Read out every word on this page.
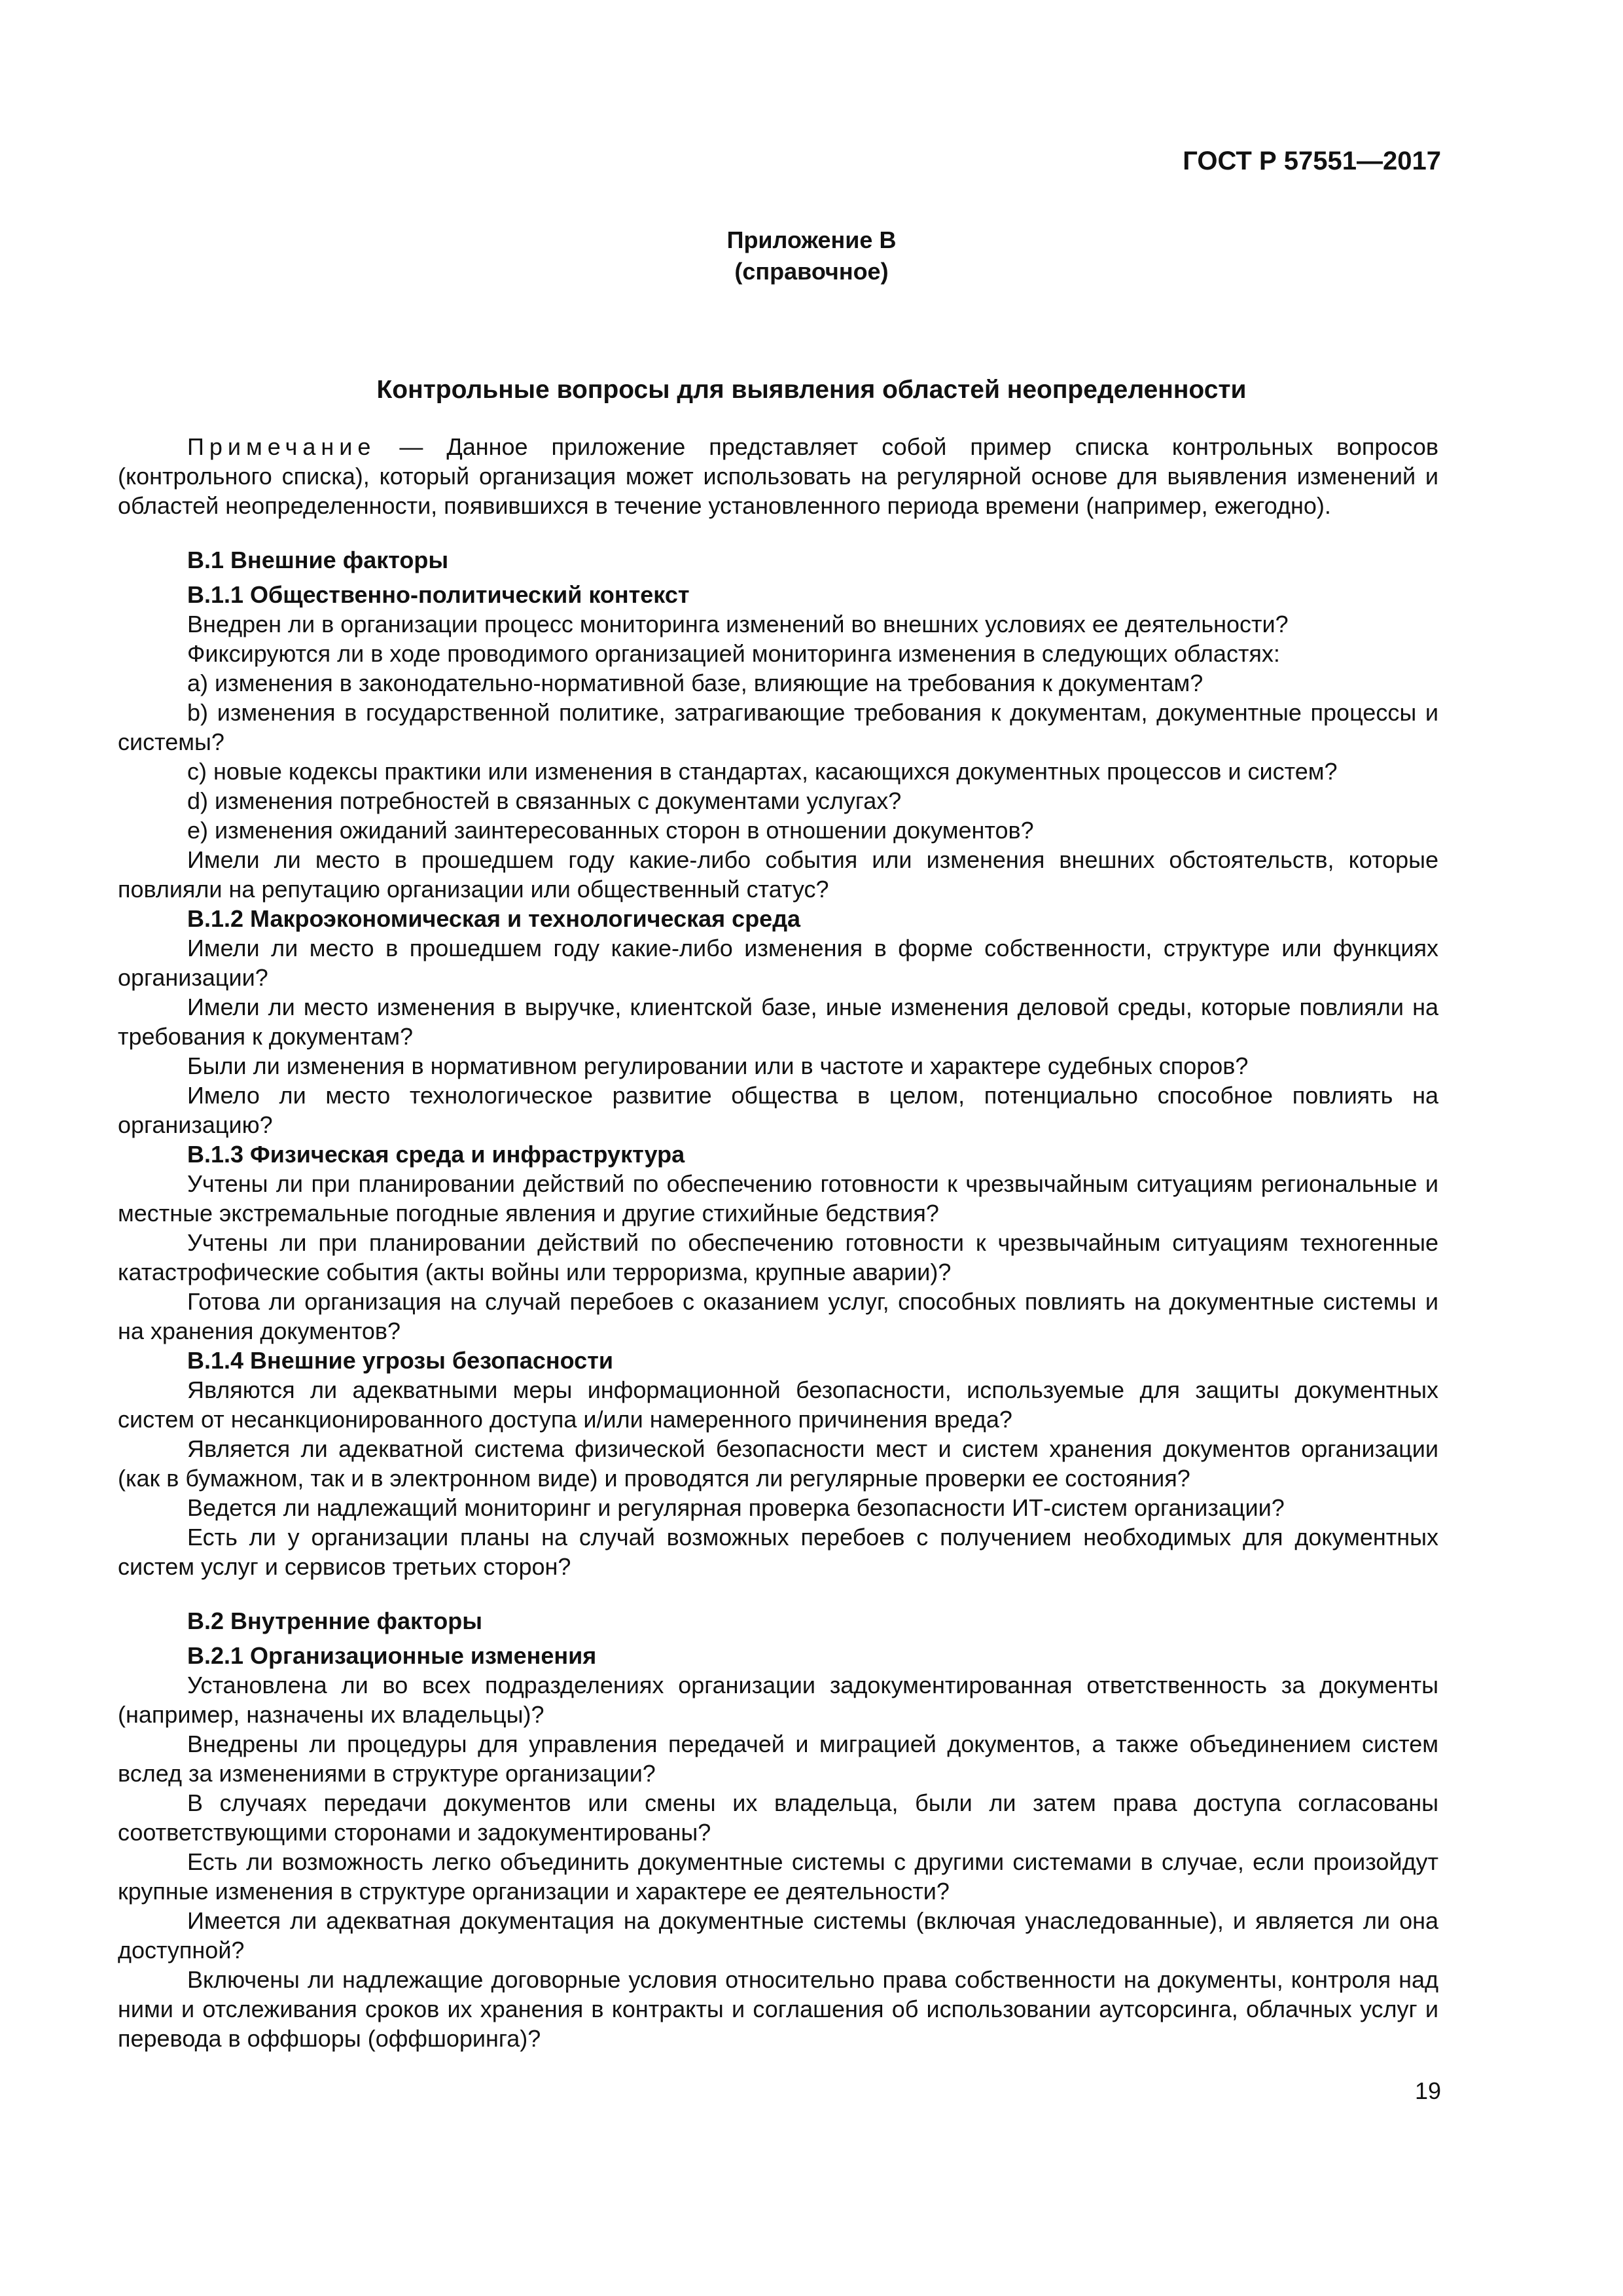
ГОСТ Р 57551—2017
Приложение В
(справочное)
Контрольные вопросы для выявления областей неопределенности

Примечание — Данное приложение представляет собой пример списка контрольных вопросов (контрольного списка), который организация может использовать на регулярной основе для выявления изменений и областей неопределенности, появившихся в течение установленного периода времени (например, ежегодно).

В.1 Внешние факторы

В.1.1 Общественно-политический контекст

Внедрен ли в организации процесс мониторинга изменений во внешних условиях ее деятельности?

Фиксируются ли в ходе проводимого организацией мониторинга изменения в следующих областях:

a) изменения в законодательно-нормативной базе, влияющие на требования к документам?

b) изменения в государственной политике, затрагивающие требования к документам, документные процессы и системы?

c) новые кодексы практики или изменения в стандартах, касающихся документных процессов и систем?

d) изменения потребностей в связанных с документами услугах?

e) изменения ожиданий заинтересованных сторон в отношении документов?

Имели ли место в прошедшем году какие-либо события или изменения внешних обстоятельств, которые повлияли на репутацию организации или общественный статус?

В.1.2 Макроэкономическая и технологическая среда

Имели ли место в прошедшем году какие-либо изменения в форме собственности, структуре или функциях организации?

Имели ли место изменения в выручке, клиентской базе, иные изменения деловой среды, которые повлияли на требования к документам?

Были ли изменения в нормативном регулировании или в частоте и характере судебных споров?

Имело ли место технологическое развитие общества в целом, потенциально способное повлиять на организацию?

В.1.3 Физическая среда и инфраструктура

Учтены ли при планировании действий по обеспечению готовности к чрезвычайным ситуациям региональные и местные экстремальные погодные явления и другие стихийные бедствия?

Учтены ли при планировании действий по обеспечению готовности к чрезвычайным ситуациям техногенные катастрофические события (акты войны или терроризма, крупные аварии)?

Готова ли организация на случай перебоев с оказанием услуг, способных повлиять на документные системы и на хранения документов?

В.1.4 Внешние угрозы безопасности

Являются ли адекватными меры информационной безопасности, используемые для защиты документных систем от несанкционированного доступа и/или намеренного причинения вреда?

Является ли адекватной система физической безопасности мест и систем хранения документов организации (как в бумажном, так и в электронном виде) и проводятся ли регулярные проверки ее состояния?

Ведется ли надлежащий мониторинг и регулярная проверка безопасности ИТ-систем организации?

Есть ли у организации планы на случай возможных перебоев с получением необходимых для документных систем услуг и сервисов третьих сторон?

В.2 Внутренние факторы

В.2.1 Организационные изменения

Установлена ли во всех подразделениях организации задокументированная ответственность за документы (например, назначены их владельцы)?

Внедрены ли процедуры для управления передачей и миграцией документов, а также объединением систем вслед за изменениями в структуре организации?

В случаях передачи документов или смены их владельца, были ли затем права доступа согласованы соответствующими сторонами и задокументированы?

Есть ли возможность легко объединить документные системы с другими системами в случае, если произойдут крупные изменения в структуре организации и характере ее деятельности?

Имеется ли адекватная документация на документные системы (включая унаследованные), и является ли она доступной?

Включены ли надлежащие договорные условия относительно права собственности на документы, контроля над ними и отслеживания сроков их хранения в контракты и соглашения об использовании аутсорсинга, облачных услуг и перевода в оффшоры (оффшоринга)?

19
